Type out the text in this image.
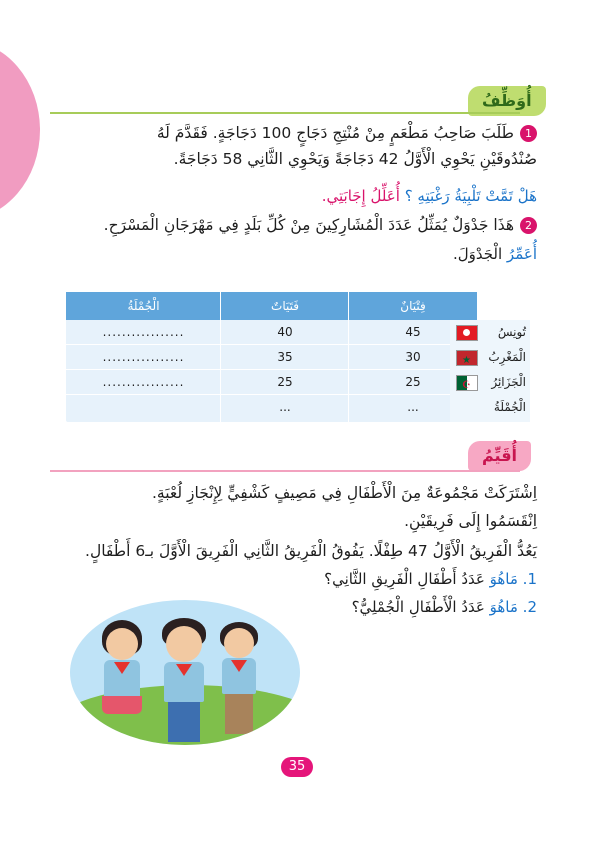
أُوَظِّفُ
1طَلَبَ صَاحِبُ مَطْعَمٍ مِنْ مُنْتِجِ دَجَاجٍ 100 دَجَاجَةٍ. فَقَدَّمَ لَهُ
صُنْدُوقَيْنِ يَحْوِي الْأَوَّلُ 42 دَجَاجَةً وَيَحْوِي الثَّانِي 58 دَجَاجَةً.
هَلْ تَمَّتْ تَلْبِيَةُ رَغْبَتِهِ ؟ أُعَلِّلُ إِجَابَتِي.
2هَذَا جَدْوَلٌ يُمَثِّلُ عَدَدَ الْمُشَارِكِينَ مِنْ كُلِّ بَلَدٍ فِي مَهْرَجَانِ الْمَسْرَحِ.
أُعَمِّرُ الْجَدْوَلَ.
فِتْيَانٌ
فَتَيَاتٌ
الْجُمْلَةُ
45
40
.................
30
35
.................
25
25
.................
...
...
تُونِسُ
الْمَغْرِبُ
★
الْجَزَائِرُ
☪
الْجُمْلَةُ
أُقَيِّمُ
اِشْتَرَكَتْ مَجْمُوعَةٌ مِنَ الْأَطْفَالِ فِي مَصِيفٍ كَشْفِيٍّ لِإِنْجَازِ لُعْبَةٍ.
اِنْقَسَمُوا إِلَى فَرِيقَيْنِ.
يَعُدُّ الْفَرِيقُ الْأَوَّلُ 47 طِفْلًا. يَفُوقُ الْفَرِيقُ الثَّانِي الْفَرِيقَ الْأَوَّلَ بـ6 أَطْفَالٍ.
1. مَاهُوَ عَدَدُ أَطْفَالِ الْفَرِيقِ الثَّانِي؟
2. مَاهُوَ عَدَدُ الْأَطْفَالِ الْجُمْلِيُّ؟
35
